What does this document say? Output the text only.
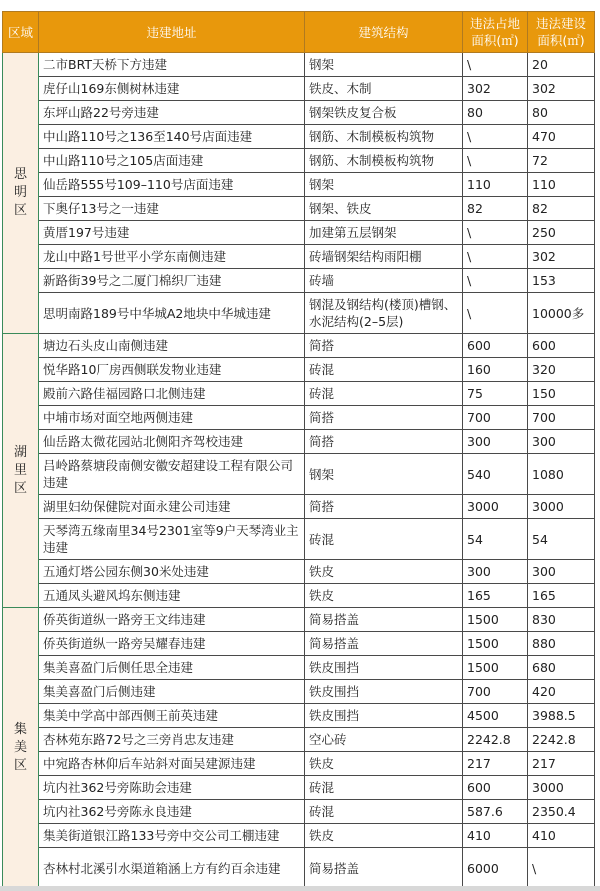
区域	违建地址	建筑结构	违法占地面积(㎡)	违法建设面积(㎡)
思明区	二市BRT天桥下方违建	钢架	\	20
	虎仔山169东侧树林违建	铁皮、木制	302	302
	东坪山路22号旁违建	钢架铁皮复合板	80	80
	中山路110号之136至140号店面违建	钢筋、木制模板构筑物	\	470
	中山路110号之105店面违建	钢筋、木制模板构筑物	\	72
	仙岳路555号109–110号店面违建	钢架	110	110
	下奥仔13号之一违建	钢架、铁皮	82	82
	黄厝197号违建	加建第五层钢架	\	250
	龙山中路1号世平小学东南侧违建	砖墙钢架结构雨阳棚	\	302
	新路街39号之二厦门棉织厂违建	砖墙	\	153
	思明南路189号中华城A2地块中华城违建	钢混及钢结构(楼顶)槽钢、水泥结构(2–5层)	\	10000多
湖里区	塘边石头皮山南侧违建	简搭	600	600
	悦华路10厂房西侧联发物业违建	砖混	160	320
	殿前六路佳福园路口北侧违建	砖混	75	150
	中埔市场对面空地两侧违建	简搭	700	700
	仙岳路太微花园站北侧阳齐驾校违建	简搭	300	300
	吕岭路蔡塘段南侧安徽安超建设工程有限公司违建	钢架	540	1080
	湖里妇幼保健院对面永建公司违建	简搭	3000	3000
	天琴湾五缘南里34号2301室等9户天琴湾业主违建	砖混	54	54
	五通灯塔公园东侧30米处违建	铁皮	300	300
	五通凤头避风坞东侧违建	铁皮	165	165
集美区	侨英街道纵一路旁王文纬违建	简易搭盖	1500	830
	侨英街道纵一路旁吴耀春违建	简易搭盖	1500	880
	集美喜盈门后侧任思全违建	铁皮围挡	1500	680
	集美喜盈门后侧违建	铁皮围挡	700	420
	集美中学高中部西侧王前英违建	铁皮围挡	4500	3988.5
	杏林苑东路72号之三旁肖忠友违建	空心砖	2242.8	2242.8
	中宛路杏林仰后车站斜对面吴建源违建	铁皮	217	217
	坑内社362号旁陈助会违建	砖混	600	3000
	坑内社362号旁陈永良违建	砖混	587.6	2350.4
	集美街道银江路133号旁中交公司工棚违建	铁皮	410	410
	杏林村北溪引水渠道箱涵上方有约百余违建	简易搭盖	6000	\
